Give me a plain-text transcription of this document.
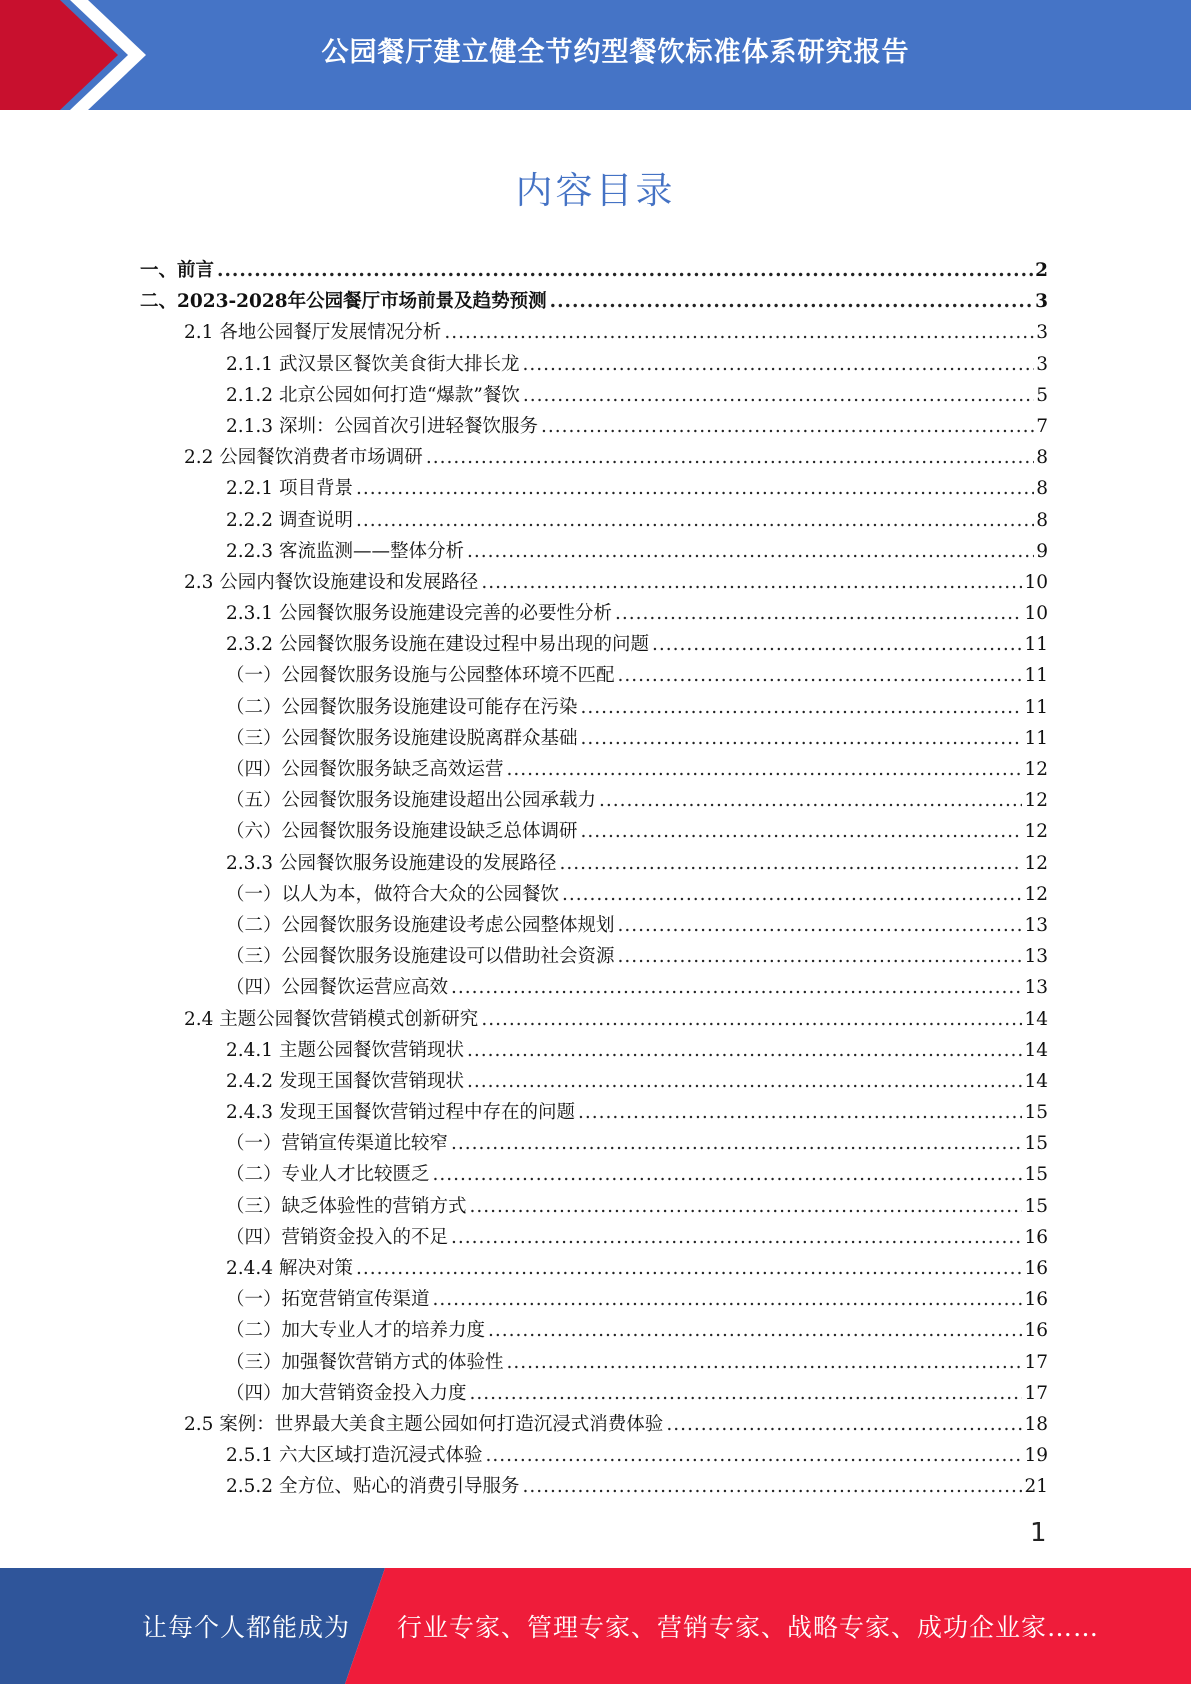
公园餐厅建立健全节约型餐饮标准体系研究报告
内容目录
一、前言 .....	2
二、2023-2028年公园餐厅市场前景及趋势预测 .....	3
2.1 各地公园餐厅发展情况分析 .....	3
2.1.1 武汉景区餐饮美食街大排长龙 .....	3
2.1.2 北京公园如何打造“爆款”餐饮 .....	5
2.1.3 深圳：公园首次引进轻餐饮服务 .....	7
2.2 公园餐饮消费者市场调研 .....	8
2.2.1 项目背景 .....	8
2.2.2 调查说明 .....	8
2.2.3 客流监测——整体分析 .....	9
2.3 公园内餐饮设施建设和发展路径 .....	10
2.3.1 公园餐饮服务设施建设完善的必要性分析 .....	10
2.3.2 公园餐饮服务设施在建设过程中易出现的问题 .....	11
（一）公园餐饮服务设施与公园整体环境不匹配 .....	11
（二）公园餐饮服务设施建设可能存在污染 .....	11
（三）公园餐饮服务设施建设脱离群众基础 .....	11
（四）公园餐饮服务缺乏高效运营 .....	12
（五）公园餐饮服务设施建设超出公园承载力 .....	12
（六）公园餐饮服务设施建设缺乏总体调研 .....	12
2.3.3 公园餐饮服务设施建设的发展路径 .....	12
（一）以人为本，做符合大众的公园餐饮 .....	12
（二）公园餐饮服务设施建设考虑公园整体规划 .....	13
（三）公园餐饮服务设施建设可以借助社会资源 .....	13
（四）公园餐饮运营应高效 .....	13
2.4 主题公园餐饮营销模式创新研究 .....	14
2.4.1 主题公园餐饮营销现状 .....	14
2.4.2 发现王国餐饮营销现状 .....	14
2.4.3 发现王国餐饮营销过程中存在的问题 .....	15
（一）营销宣传渠道比较窄 .....	15
（二）专业人才比较匮乏 .....	15
（三）缺乏体验性的营销方式 .....	15
（四）营销资金投入的不足 .....	16
2.4.4 解决对策 .....	16
（一）拓宽营销宣传渠道 .....	16
（二）加大专业人才的培养力度 .....	16
（三）加强餐饮营销方式的体验性 .....	17
（四）加大营销资金投入力度 .....	17
2.5 案例：世界最大美食主题公园如何打造沉浸式消费体验 .....	18
2.5.1 六大区域打造沉浸式体验 .....	19
2.5.2 全方位、贴心的消费引导服务 .....	21
1
让每个人都能成为 行业专家、管理专家、营销专家、战略专家、成功企业家……
